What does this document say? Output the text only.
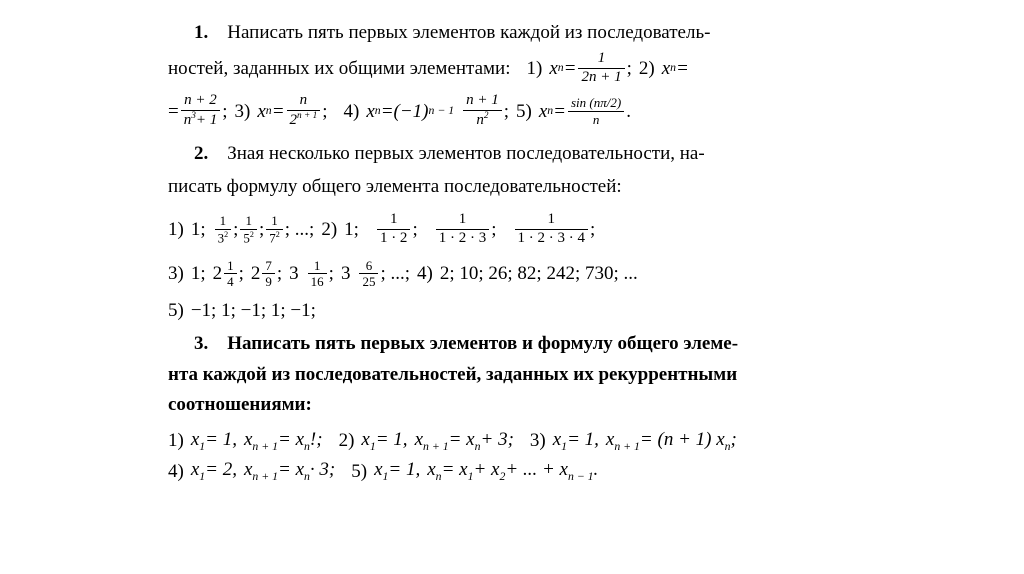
1. Написать пять первых элементов каждой из последователь-
ностей, заданных их общими элементами: 1) x $n = \frac{1}{2n + 1}$ ; 2) x n =
= $\frac{n + 2}{n^3+ 1}$ ; 3) x $n = \frac{n}{2^{n + 1}}$ ; 4) x n = (−1) $n - 1 \frac{n + 1}{n^2}$ ; 5) x $n = \frac{\sin (n\pi/2)}{n}$ .
2. Зная несколько первых элементов последовательности, на-
писать формулу общего элемента последовательностей:
1) 1; $\frac{1}{3^2}$ ; $\frac{1}{5^2}$ ; $\frac{1}{7^2}$ ; ...; 2) 1; $\frac{1}{1 \cdot 2}$ ; $\frac{1}{1 \cdot 2 \cdot 3}$ ; $\frac{1}{1 \cdot 2 \cdot 3 \cdot 4}$ ;
3) 1; $2 \frac{1}{4}$ ; $2 \frac{7}{9}$ ; $3 \frac{1}{16}$ ; $3 \frac{6}{25}$ ; ...; 4) 2; 10; 26; 82; 242; 730; ...
5) −1; 1; −1; 1; −1;
3. Написать пять первых элементов и формулу общего элеме-
нта каждой из последовательностей, заданных их рекуррентными
соотношениями:
1) $x_1= 1$, $x_{n + 1}= x_n$!; 2) $x_1= 1$, $x_{n + 1}= x_n+ 3$; 3) $x_1= 1$, $x_{n + 1}= (n + 1)$ $x_n$;
4) $x_1= 2$, $x_{n + 1}= x_n\cdot 3$; 5) $x_1= 1$, $x_n= x_1+ x_2+$ ... + $x_{n - 1}$.
